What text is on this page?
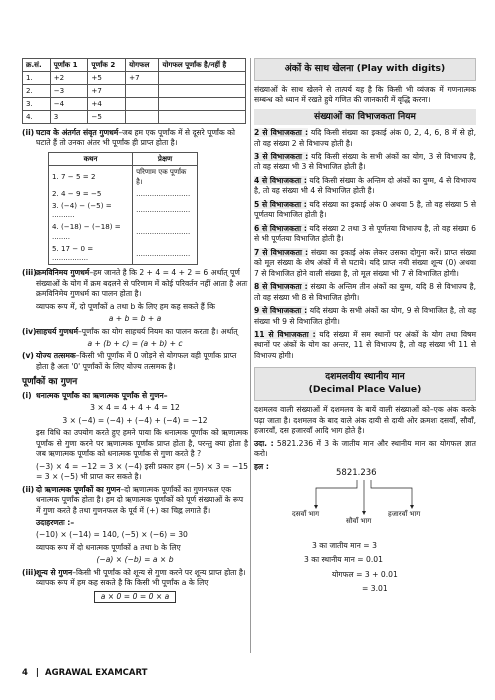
क्र.सं.	पूर्णांक 1	पूर्णांक 2	योगफल	योगफल पूर्णांक है/नहीं है
1.	+2	+5	+7	
2.	−3	+7		
3.	−4	+4		
4.	3	−5		
(ii) घटाव के अंतर्गत संवृत गुणधर्म–जब हम एक पूर्णांक में से दूसरे पूर्णांक को घटाते हैं तो उनका अंतर भी पूर्णांक ही प्राप्त होता है।
कथन	प्रेक्षण
1. 7 − 5 = 2	परिणाम एक पूर्णांक है।
2. 4 − 9 = −5	........................
3. (−4) − (−5) = ..........	........................
4. (−18) − (−18) = ........	........................
5. 17 − 0 = ................	........................
(iii) क्रमविनिमय गुणधर्म–हम जानते है कि 2 + 4 = 4 + 2 = 6 अर्थात् पूर्ण संख्याओं के योग में क्रम बदलने से परिणाम में कोई परिवर्तन नहीं आता है अतः क्रमविनिमेय गुणधर्म का पालन होता है।

व्यापक रूप में, दो पूर्णांकों a तथा b के लिए हम कह सकते हैं कि

a + b = b + a
(iv) साहचर्य गुणधर्म–पूर्णांक का योग साहचर्य नियम का पालन करता है। अर्थात्
a + (b + c) = (a + b) + c
(v) योज्य तत्समक–किसी भी पूर्णांक में 0 जोड़ने से योगफल वही पूर्णांक प्राप्त होता है अतः '0' पूर्णांकों के लिए योज्य तत्समक है।
पूर्णांकों का गुणन
(i) धनात्मक पूर्णांक का ऋणात्मक पूर्णांक से गुणन–
3 × 4 = 4 + 4 + 4 = 12
3 × (−4) = (−4) + (−4) + (−4) = −12

इस विधि का उपयोग करते हुए हमने पाया कि धनात्मक पूर्णांक को ऋणात्मक पूर्णांक से गुणा करने पर ऋणात्मक पूर्णांक प्राप्त होता है, परन्तु क्या होता है जब ऋणात्मक पूर्णांक को धनात्मक पूर्णांक से गुणा करते है ?

(−3) × 4 = −12 = 3 × (−4) इसी प्रकार हम (−5) × 3 = −15 = 3 × (−5) भी प्राप्त कर सकते है।

(ii) दो ऋणात्मक पूर्णांकों का गुणन–दो ऋणात्मक पूर्णांकों का गुणनफल एक धनात्मक पूर्णांक होता है। हम दो ऋणात्मक पूर्णांकों को पूर्ण संख्याओं के रूप में गुणा करते है तथा गुणनफल के पूर्व में (+) का चिह्न लगाते हैं।

उदाहरणतः :–

(−10) × (−14) = 140, (−5) × (−6) = 30

व्यापक रूप में दो धनात्मक पूर्णांकों a तथा b के लिए

(−a) × (−b) = a × b
(iii) शून्य से गुणन–किसी भी पूर्णांक को शून्य से गुणा करने पर शून्य प्राप्त होता है। व्यापक रूप में हम कह सकते है कि किसी भी पूर्णांक a के लिए
a × 0 = 0 = 0 × a
अंकों के साथ खेलना (Play with digits)

संख्याओं के साथ खेलने से तात्पर्य यह है कि किसी भी व्यंजक में गणनात्मक सम्बन्ध को ध्यान में रखते हुये गणित की जानकारी में वृद्धि करना।

संख्याओं का विभाजकता नियम

2 से विभाजकता : यदि किसी संख्या का इकाई अंक 0, 2, 4, 6, 8 में से हो, तो वह संख्या 2 से विभाज्य होती है।

3 से विभाजकता : यदि किसी संख्या के सभी अंकों का योग, 3 से विभाज्य है, तो वह संख्या भी 3 से विभाजित होती है।

4 से विभाजकता : यदि किसी संख्या के अन्तिम दो अंकों का युग्म, 4 से विभाज्य है, तो वह संख्या भी 4 से विभाजित होती है।

5 से विभाजकता : यदि संख्या का इकाई अंक 0 अथवा 5 है, तो वह संख्या 5 से पूर्णतया विभाजित होती है।

6 से विभाजकता : यदि संख्या 2 तथा 3 से पूर्णतया विभाज्य है, तो वह संख्या 6 से भी पूर्णतया विभाजित होती है।

7 से विभाजकता : संख्या का इकाई अंक लेकर उसका दोगुना करें। प्राप्त संख्या को मूल संख्या के शेष अंकों में से घटाये। यदि प्राप्त नयी संख्या शून्य (0) अथवा 7 से विभाजित होने वाली संख्या है, तो मूल संख्या भी 7 से विभाजित होगी।

8 से विभाजकता : संख्या के अन्तिम तीन अंकों का युग्म, यदि 8 से विभाज्य है, तो वह संख्या भी 8 से विभाजित होगी।

9 से विभाजकता : यदि संख्या के सभी अंकों का योग, 9 से विभाजित है, तो वह संख्या भी 9 से विभाजित होगी।

11 से विभाजकता : यदि संख्या में सम स्थानों पर अंकों के योग तथा विषम स्थानों पर अंकों के योग का अन्तर, 11 से विभाज्य है, तो वह संख्या भी 11 से विभाज्य होगी।

दशमलवीय स्थानीय मान
(Decimal Place Value)

दशमलव वाली संख्याओं में दशमलव के बायें वाली संख्याओं को–एक अंक करके पढ़ा जाता है। दशमलव के बाद वाले अंक दायी से दायी ओर क्रमशः दसवाँ, सौवाँ, हजारवाँ, दस हजारवाँ आदि भाग होते है।

उदा. : 5821.236 में 3 के जातीय मान और स्थानीय मान का योगफल ज्ञात करो।

हल :

5821.236
दसवाँ भाग
सौवाँ भाग
हजारवाँ भाग
3 का जातीय मान = 3
3 का स्थानीय मान = 0.01
योगफल = 3 + 0.01
= 3.01
4 | AGRAWAL EXAMCART
